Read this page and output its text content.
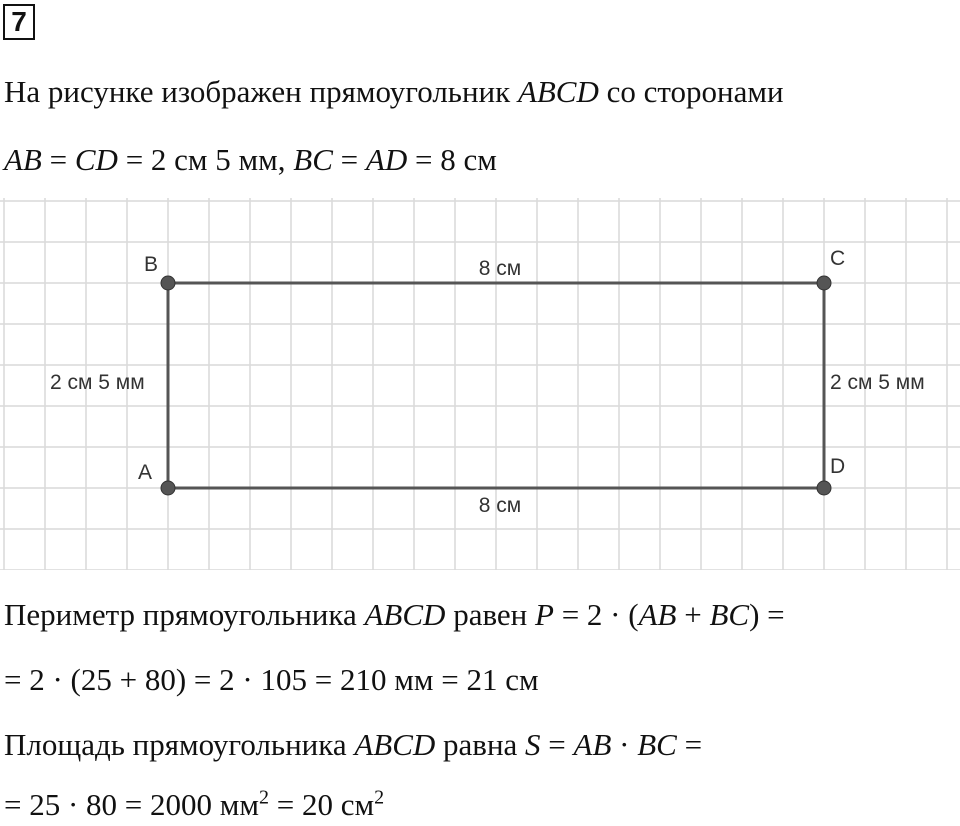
7
На рисунке изображен прямоугольник ABCD со сторонами
AB = CD = 2 см 5 мм, BC = AD = 8 см
B	C
A	D
8 см
8 см
2 см 5 мм	2 см 5 мм
Периметр прямоугольника ABCD равен P = 2 · (AB + BC) =
= 2 · (25 + 80) = 2 · 105 = 210 мм = 21 см
Площадь прямоугольника ABCD равна S = AB · BC =
= 25 · 80 = 2000 $мм^2 = 20$ $см^2$
